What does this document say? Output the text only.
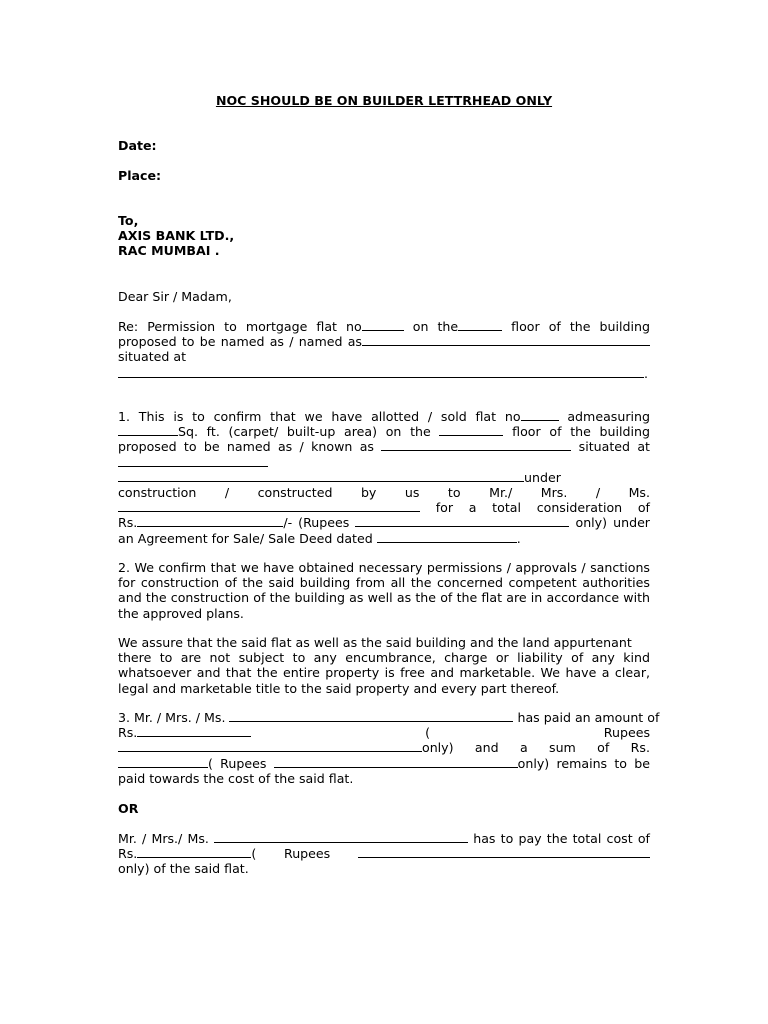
NOC SHOULD BE ON BUILDER LETTRHEAD ONLY
Date:
Place:
To,
AXIS BANK LTD.,
RAC MUMBAI .
Dear Sir / Madam,
Re: Permission to mortgage flat no	on the	floor of the building
proposed to be named as / named as
situated at
.
1. This is to confirm that we have allotted / sold flat no	admeasuring
Sq. ft. (carpet/ built-up area) on the	floor of the building
proposed to be named as / known as	situated at
under
construction / constructed by us to Mr./ Mrs. / Ms.
for a total consideration of
Rs.	/- (Rupees	only) under
an Agreement for Sale/ Sale Deed dated	.
2. We confirm that we have obtained necessary permissions / approvals / sanctions
for construction of the said building from all the concerned competent authorities
and the construction of the building as well as the of the flat are in accordance with
the approved plans.
We assure that the said flat as well as the said building and the land appurtenant
there to are not subject to any encumbrance, charge or liability of any kind
whatsoever and that the entire property is free and marketable. We have a clear,
legal and marketable title to the said property and every part thereof.
3. Mr. / Mrs. / Ms.	has paid an amount of
Rs.	(	Rupees
only) and a sum of Rs.
( Rupees	only) remains to be
paid towards the cost of the said flat.
OR
Mr. / Mrs./ Ms.	has to pay the total cost of
Rs.	( Rupees
only) of the said flat.
